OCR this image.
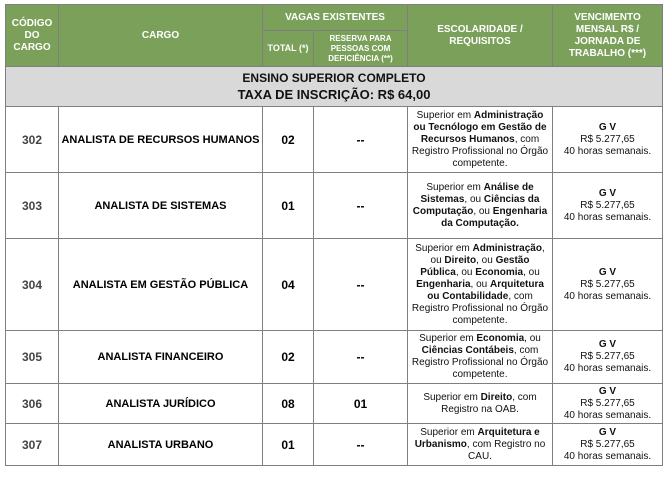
CÓDIGO DO CARGO	CARGO	VAGAS EXISTENTES		ESCOLARIDADE / REQUISITOS	VENCIMENTO MENSAL R$ / JORNADA DE TRABALHO (***)
		TOTAL (*)	RESERVA PARA PESSOAS COM DEFICIÊNCIA (**)		

ENSINO SUPERIOR COMPLETO
TAXA DE INSCRIÇÃO: R$ 64,00					

302	ANALISTA DE RECURSOS HUMANOS	02	--	Superior em Administração ou Tecnólogo em Gestão de Recursos Humanos, com Registro Profissional no Órgão competente.	G V
R$ 5.277,65
40 horas semanais.

303	ANALISTA DE SISTEMAS	01	--	Superior em Análise de Sistemas, ou Ciências da Computação, ou Engenharia da Computação.	G V
R$ 5.277,65
40 horas semanais.

304	ANALISTA EM GESTÃO PÚBLICA	04	--	Superior em Administração, ou Direito, ou Gestão Pública, ou Economia, ou Engenharia, ou Arquitetura ou Contabilidade, com Registro Profissional no Órgão competente.	G V
R$ 5.277,65
40 horas semanais.

305	ANALISTA FINANCEIRO	02	--	Superior em Economia, ou Ciências Contábeis, com Registro Profissional no Órgão competente.	G V
R$ 5.277,65
40 horas semanais.

306	ANALISTA JURÍDICO	08	01	Superior em Direito, com Registro na OAB.	G V
R$ 5.277,65
40 horas semanais.

307	ANALISTA URBANO	01	--	Superior em Arquitetura e Urbanismo, com Registro no CAU.	G V
R$ 5.277,65
40 horas semanais.
